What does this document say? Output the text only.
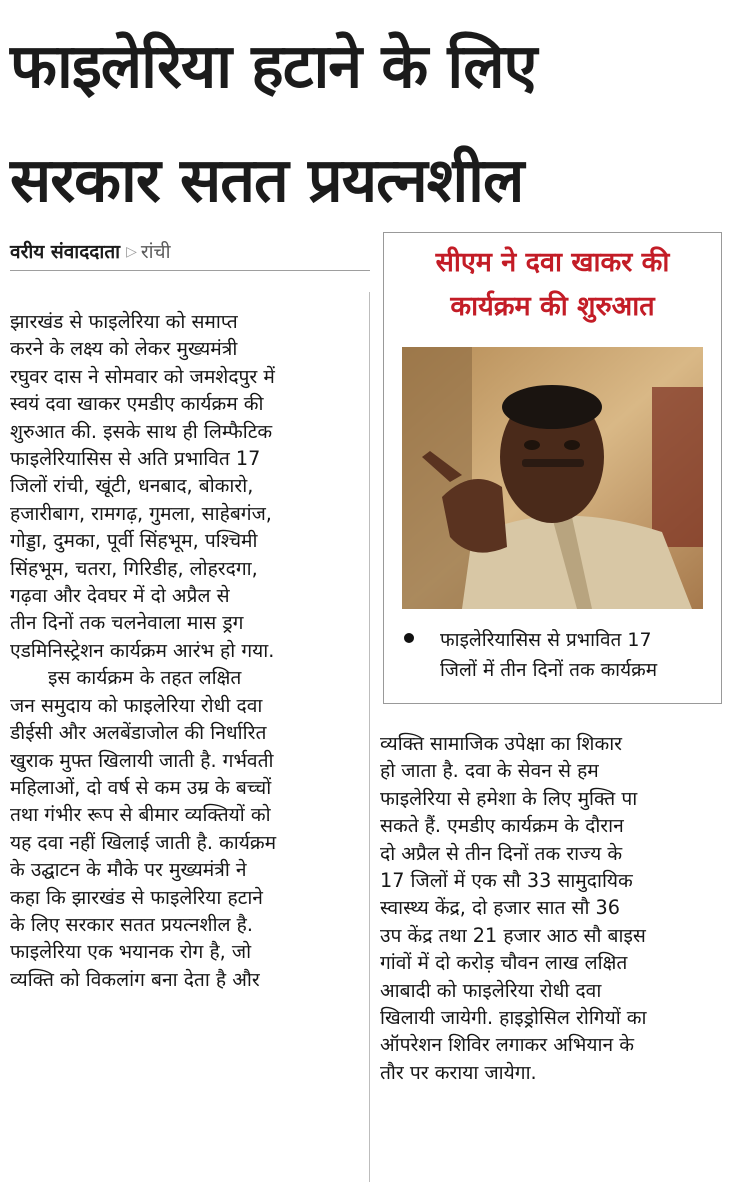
फाइलेरिया हटाने के लिए
सरकार सतत प्रयत्नशील
वरीय संवाददाता ▷ रांची
झारखंड से फाइलेरिया को समाप्त
करने के लक्ष्य को लेकर मुख्यमंत्री
रघुवर दास ने सोमवार को जमशेदपुर में
स्वयं दवा खाकर एमडीए कार्यक्रम की
शुरुआत की. इसके साथ ही लिम्फैटिक
फाइलेरियासिस से अति प्रभावित 17
जिलों रांची, खूंटी, धनबाद, बोकारो,
हजारीबाग, रामगढ़, गुमला, साहेबगंज,
गोड्डा, दुमका, पूर्वी सिंहभूम, पश्चिमी
सिंहभूम, चतरा, गिरिडीह, लोहरदगा,
गढ़वा और देवघर में दो अप्रैल से
तीन दिनों तक चलनेवाला मास ड्रग
एडमिनिस्ट्रेशन कार्यक्रम आरंभ हो गया.
इस कार्यक्रम के तहत लक्षित
जन समुदाय को फाइलेरिया रोधी दवा
डीईसी और अलबेंडाजोल की निर्धारित
खुराक मुफ्त खिलायी जाती है. गर्भवती
महिलाओं, दो वर्ष से कम उम्र के बच्चों
तथा गंभीर रूप से बीमार व्यक्तियों को
यह दवा नहीं खिलाई जाती है. कार्यक्रम
के उद्घाटन के मौके पर मुख्यमंत्री ने
कहा कि झारखंड से फाइलेरिया हटाने
के लिए सरकार सतत प्रयत्नशील है.
फाइलेरिया एक भयानक रोग है, जो
व्यक्ति को विकलांग बना देता है और
सीएम ने दवा खाकर की
कार्यक्रम की शुरुआत
फाइलेरियासिस से प्रभावित 17
जिलों में तीन दिनों तक कार्यक्रम
व्यक्ति सामाजिक उपेक्षा का शिकार
हो जाता है. दवा के सेवन से हम
फाइलेरिया से हमेशा के लिए मुक्ति पा
सकते हैं. एमडीए कार्यक्रम के दौरान
दो अप्रैल से तीन दिनों तक राज्य के
17 जिलों में एक सौ 33 सामुदायिक
स्वास्थ्य केंद्र, दो हजार सात सौ 36
उप केंद्र तथा 21 हजार आठ सौ बाइस
गांवों में दो करोड़ चौवन लाख लक्षित
आबादी को फाइलेरिया रोधी दवा
खिलायी जायेगी. हाइड्रोसिल रोगियों का
ऑपरेशन शिविर लगाकर अभियान के
तौर पर कराया जायेगा.
